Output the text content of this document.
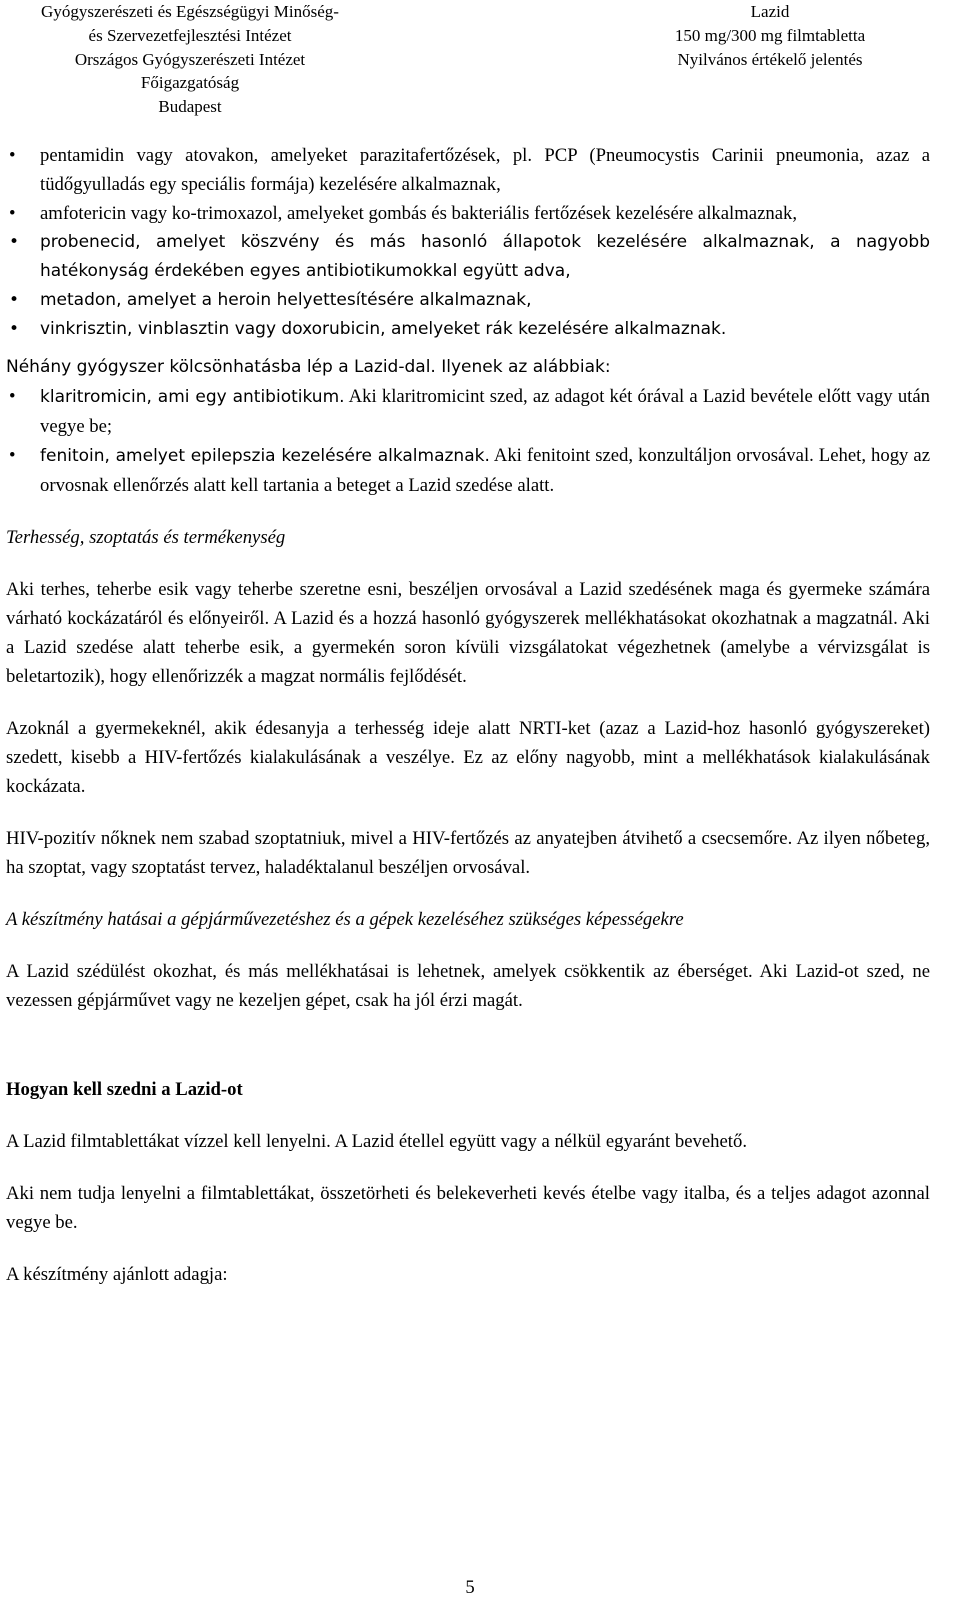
Gyógyszerészeti és Egészségügyi Minőség-
és Szervezetfejlesztési Intézet
Országos Gyógyszerészeti Intézet
Főigazgatóság
Budapest
Lazid
150 mg/300 mg filmtabletta
Nyilvános értékelő jelentés
• pentamidin vagy atovakon, amelyeket parazitafertőzések, pl. PCP (Pneumocystis Carinii pneumonia, azaz a tüdőgyulladás egy speciális formája) kezelésére alkalmaznak,
• amfotericin vagy ko-trimoxazol, amelyeket gombás és bakteriális fertőzések kezelésére alkalmaznak,
• probenecid, amelyet köszvény és más hasonló állapotok kezelésére alkalmaznak, a nagyobb hatékonyság érdekében egyes antibiotikumokkal együtt adva,
• metadon, amelyet a heroin helyettesítésére alkalmaznak,
• vinkrisztin, vinblasztin vagy doxorubicin, amelyeket rák kezelésére alkalmaznak.

Néhány gyógyszer kölcsönhatásba lép a Lazid-dal. Ilyenek az alábbiak:

• klaritromicin, ami egy antibiotikum. Aki klaritromicint szed, az adagot két órával a Lazid bevétele előtt vagy után vegye be;
• fenitoin, amelyet epilepszia kezelésére alkalmaznak. Aki fenitoint szed, konzultáljon orvosával. Lehet, hogy az orvosnak ellenőrzés alatt kell tartania a beteget a Lazid szedése alatt.
Terhesség, szoptatás és termékenység

Aki terhes, teherbe esik vagy teherbe szeretne esni, beszéljen orvosával a Lazid szedésének maga és gyermeke számára várható kockázatáról és előnyeiről. A Lazid és a hozzá hasonló gyógyszerek mellékhatásokat okozhatnak a magzatnál. Aki a Lazid szedése alatt teherbe esik, a gyermekén soron kívüli vizsgálatokat végezhetnek (amelybe a vérvizsgálat is beletartozik), hogy ellenőrizzék a magzat normális fejlődését.

Azoknál a gyermekeknél, akik édesanyja a terhesség ideje alatt NRTI-ket (azaz a Lazid-hoz hasonló gyógyszereket) szedett, kisebb a HIV-fertőzés kialakulásának a veszélye. Ez az előny nagyobb, mint a mellékhatások kialakulásának kockázata.

HIV-pozitív nőknek nem szabad szoptatniuk, mivel a HIV-fertőzés az anyatejben átvihető a csecsemőre. Az ilyen nőbeteg, ha szoptat, vagy szoptatást tervez, haladéktalanul beszéljen orvosával.

A készítmény hatásai a gépjárművezetéshez és a gépek kezeléséhez szükséges képességekre

A Lazid szédülést okozhat, és más mellékhatásai is lehetnek, amelyek csökkentik az éberséget. Aki Lazid-ot szed, ne vezessen gépjárművet vagy ne kezeljen gépet, csak ha jól érzi magát.

Hogyan kell szedni a Lazid-ot

A Lazid filmtablettákat vízzel kell lenyelni. A Lazid étellel együtt vagy a nélkül egyaránt bevehető.

Aki nem tudja lenyelni a filmtablettákat, összetörheti és belekeverheti kevés ételbe vagy italba, és a teljes adagot azonnal vegye be.

A készítmény ajánlott adagja:

5
